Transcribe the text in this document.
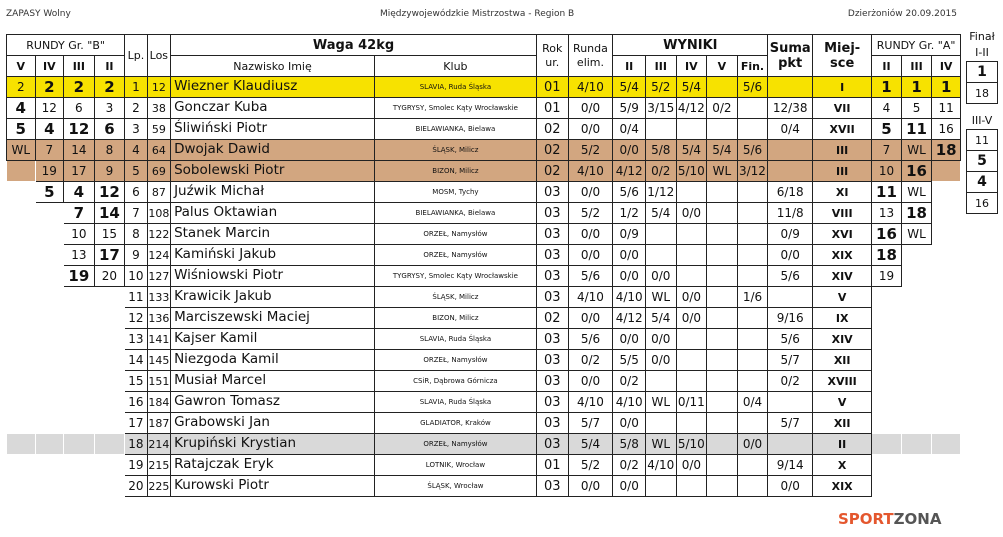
ZAPASY Wolny	Międzywojewódzkie Mistrzostwa - Region B	Dzierżoniów 20.09.2015
RUNDY Gr. "B"				Lp.	Los	Waga 42kg		Rok ur.	Runda elim.	WYNIKI					Suma pkt	Miej-sce	RUNDY Gr. "A"		
V	IV	III	II			Nazwisko Imię	Klub			II	III	IV	V	Fin.			II	III	IV
2	2	2	2	1	12	Wiezner Klaudiusz	SLAVIA, Ruda Śląska	01	4/10	5/4	5/2	5/4		5/6		I	1	1	1
4	12	6	3	2	38	Gonczar Kuba	TYGRYSY, Smolec Kąty Wrocławskie	01	0/0	5/9	3/15	4/12	0/2		12/38	VII	4	5	11
5	4	12	6	3	59	Śliwiński Piotr	BIELAWIANKA, Bielawa	02	0/0	0/4					0/4	XVII	5	11	16
WL	7	14	8	4	64	Dwojak Dawid	ŚLĄSK, Milicz	02	5/2	0/0	5/8	5/4	5/4	5/6		III	7	WL	18
	19	17	9	5	69	Sobolewski Piotr	BIZON, Milicz	02	4/10	4/12	0/2	5/10	WL	3/12		III	10	16	
	5	4	12	6	87	Juźwik Michał	MOSM, Tychy	03	0/0	5/6	1/12				6/18	XI	11	WL	
		7	14	7	108	Palus Oktawian	BIELAWIANKA, Bielawa	03	5/2	1/2	5/4	0/0			11/8	VIII	13	18	
		10	15	8	122	Stanek Marcin	ORZEŁ, Namysłów	03	0/0	0/9					0/9	XVI	16	WL	
		13	17	9	124	Kamiński Jakub	ORZEŁ, Namysłów	03	0/0	0/0					0/0	XIX	18		
		19	20	10	127	Wiśniowski Piotr	TYGRYSY, Smolec Kąty Wrocławskie	03	5/6	0/0	0/0				5/6	XIV	19		
				11	133	Krawicik Jakub	ŚLĄSK, Milicz	03	4/10	4/10	WL	0/0		1/6		V			
				12	136	Marciszewski Maciej	BIZON, Milicz	02	0/0	4/12	5/4	0/0			9/16	IX			
				13	141	Kajser Kamil	SLAVIA, Ruda Śląska	03	5/6	0/0	0/0				5/6	XIV			
				14	145	Niezgoda Kamil	ORZEŁ, Namysłów	03	0/2	5/5	0/0				5/7	XII			
				15	151	Musiał Marcel	CSiR, Dąbrowa Górnicza	03	0/0	0/2					0/2	XVIII			
				16	184	Gawron Tomasz	SLAVIA, Ruda Śląska	03	4/10	4/10	WL	0/11		0/4		V			
				17	187	Grabowski Jan	GLADIATOR, Kraków	03	5/7	0/0					5/7	XII			
				18	214	Krupiński Krystian	ORZEŁ, Namysłów	03	5/4	5/8	WL	5/10		0/0		II			
				19	215	Ratajczak Eryk	LOTNIK, Wrocław	01	5/2	0/2	4/10	0/0			9/14	X			
				20	225	Kurowski Piotr	ŚLĄSK, Wrocław	03	0/0	0/0					0/0	XIX			
Finał
I-II
1
18
III-V
11
5
4
16
SPORTZONA
